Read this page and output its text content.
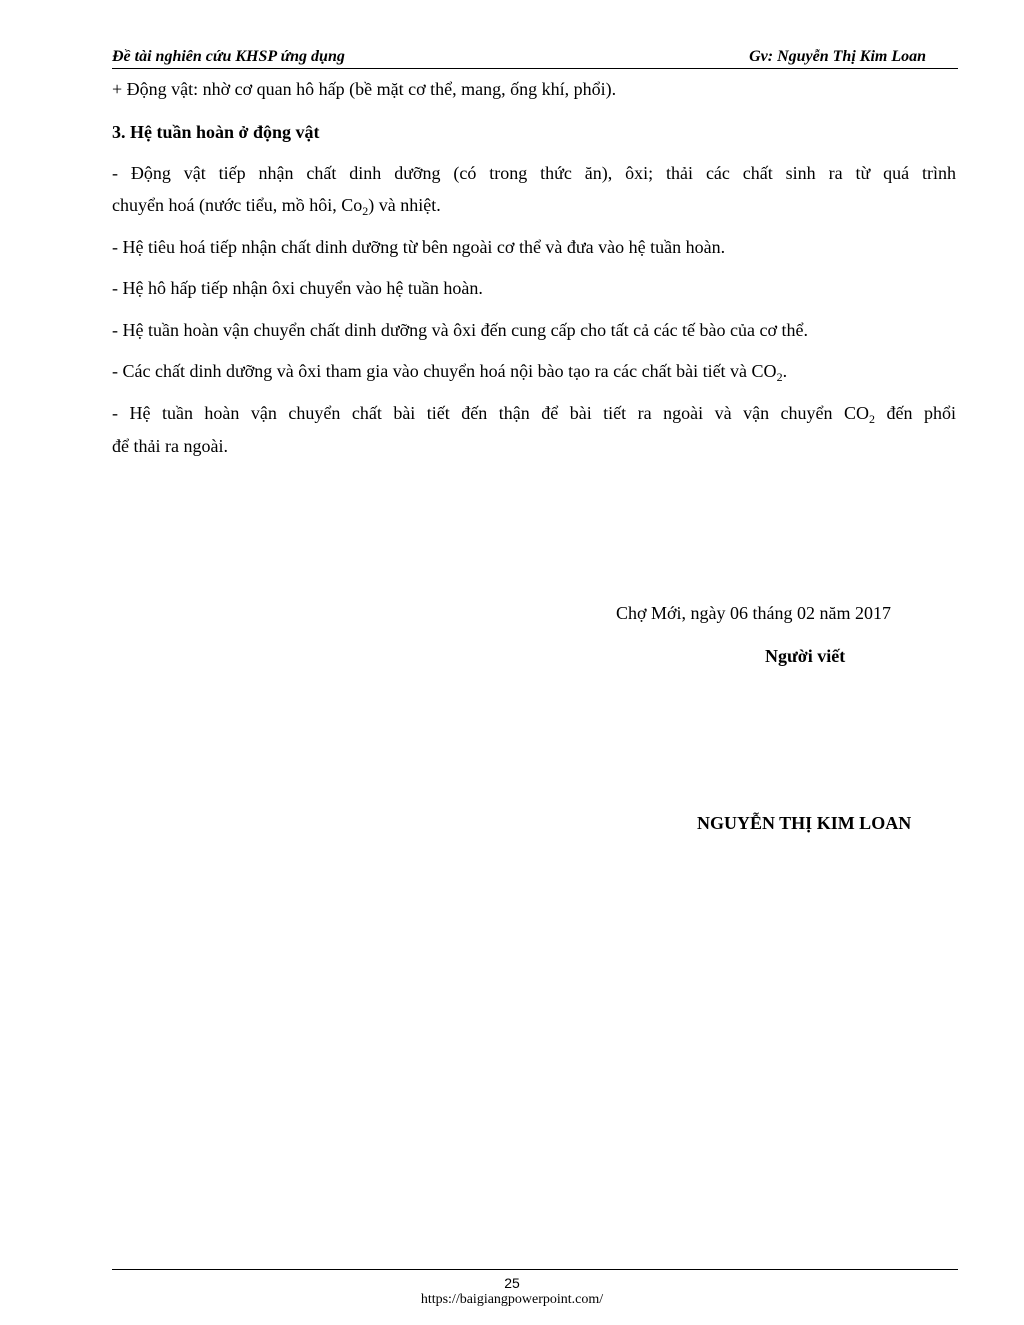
Đề tài nghiên cứu KHSP ứng dụng	Gv: Nguyễn Thị Kim Loan
+ Động vật: nhờ cơ quan hô hấp (bề mặt cơ thể, mang, ống khí, phổi).
3. Hệ tuần hoàn ở động vật
- Động vật tiếp nhận chất dinh dưỡng (có trong thức ăn), ôxi; thải các chất sinh ra từ quá trình
chuyển hoá (nước tiểu, mồ hôi, $Co_2$) và nhiệt.
- Hệ tiêu hoá tiếp nhận chất dinh dưỡng từ bên ngoài cơ thể và đưa vào hệ tuần hoàn.
- Hệ hô hấp tiếp nhận ôxi chuyển vào hệ tuần hoàn.
- Hệ tuần hoàn vận chuyển chất dinh dưỡng và ôxi đến cung cấp cho tất cả các tế bào của cơ thể.
- Các chất dinh dưỡng và ôxi tham gia vào chuyển hoá nội bào tạo ra các chất bài tiết và $CO_2$.
- Hệ tuần hoàn vận chuyển chất bài tiết đến thận để bài tiết ra ngoài và vận chuyển $CO_2$ đến phổi
để thải ra ngoài.
Chợ Mới, ngày 06 tháng 02 năm 2017
Người viết
NGUYỄN THỊ KIM LOAN
25
https://baigiangpowerpoint.com/
